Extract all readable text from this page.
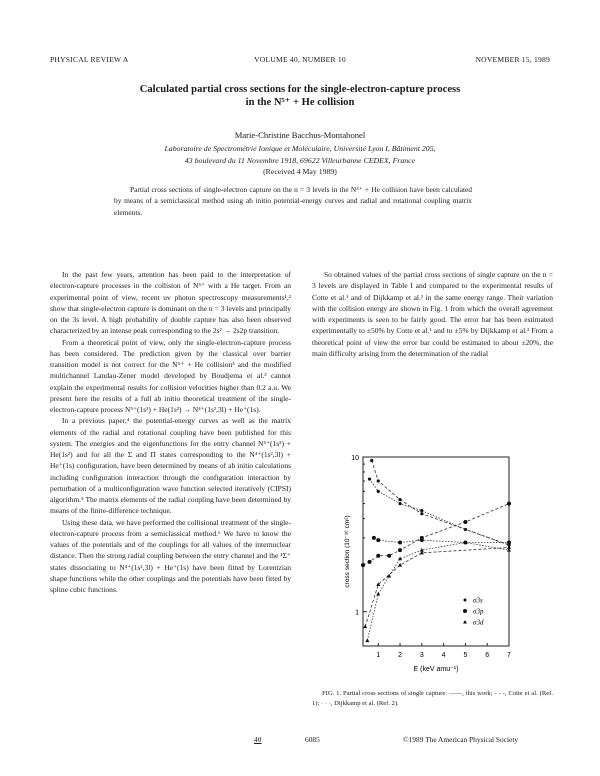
PHYSICAL REVIEW A	VOLUME 40, NUMBER 10	NOVEMBER 15, 1989
Calculated partial cross sections for the single-electron-capture process
in the N⁵⁺ + He collision
Marie-Christine Bacchus-Montabonel
Laboratoire de Spectrométrie Ionique et Moléculaire, Université Lyon I, Bâtiment 205,
43 boulevard du 11 Novembre 1918, 69622 Villeurbanne CEDEX, France
(Received 4 May 1989)
Partial cross sections of single-electron capture on the n = 3 levels in the N⁵⁺ + He collision have been calculated by means of a semiclassical method using ab initio potential-energy curves and radial and rotational coupling matrix elements.

In the past few years, attention has been paid to the interpretation of electron-capture processes in the collision of N⁵⁺ with a He target. From an experimental point of view, recent uv photon spectroscopy measurements¹,² show that single-electron capture is dominant on the n = 3 levels and principally on the 3s level. A high probability of double capture has also been observed characterized by an intense peak corresponding to the 2s² → 2s2p transition.

From a theoretical point of view, only the single-electron-capture process has been considered. The prediction given by the classical over barrier transition model is not correct for the N⁵⁺ + He collision³ and the modified multichannel Landau-Zener model developed by Boudjema et al.³ cannot explain the experimental results for collision velocities higher than 0.2 a.u. We present here the results of a full ab initio theoretical treatment of the single-electron-capture process N⁵⁺(1s²) + He(1s²) → N⁴⁺(1s²,3l) + He⁺(1s).

In a previous paper,⁴ the potential-energy curves as well as the matrix elements of the radial and rotational coupling have been published for this system. The energies and the eigenfunctions for the entry channel N⁵⁺(1s²) + He(1s²) and for all the Σ and Π states corresponding to the N⁴⁺(1s²,3l) + He⁺(1s) configuration, have been determined by means of ab initio calculations including configuration interaction through the configuration interaction by perturbation of a multiconfiguration wave function selected iteratively (CIPSI) algorithm.⁵ The matrix elements of the radial coupling have been determined by means of the finite-difference technique.

Using these data, we have performed the collisional treatment of the single-electron-capture process from a semiclassical method.⁶ We have to know the values of the potentials and of the couplings for all values of the internuclear distance. Then the strong radial coupling between the entry channel and the ¹Σ⁺ states dissociating to N⁴⁺(1s²,3l) + He⁺(1s) have been fitted by Lorentzian shape functions while the other couplings and the potentials have been fitted by spline cubic functions.

So obtained values of the partial cross sections of single capture on the n = 3 levels are displayed in Table I and compared to the experimental results of Cotte et al.¹ and of Dijkkamp et al.² in the same energy range. Their variation with the collision energy are shown in Fig. 1 from which the overall agreement with experiments is seen to be fairly good. The error bar has been estimated experimentally to ±50% by Cotte et al.¹ and to ±5% by Dijkkamp et al.² From a theoretical point of view the error bar could be estimated to about ±20%, the main difficulty arising from the determination of the radial

1	2	3	4	5	6	7
1
10
E (keV amu⁻¹)
cross section (10⁻¹⁶ cm²)
σ3s
σ3p
σ3d
FIG. 1. Partial cross sections of single capture: ——, this work; - - -, Cotte et al. (Ref. 1); · · ·, Dijkkamp et al. (Ref. 2).
40	6085	©1989 The American Physical Society
